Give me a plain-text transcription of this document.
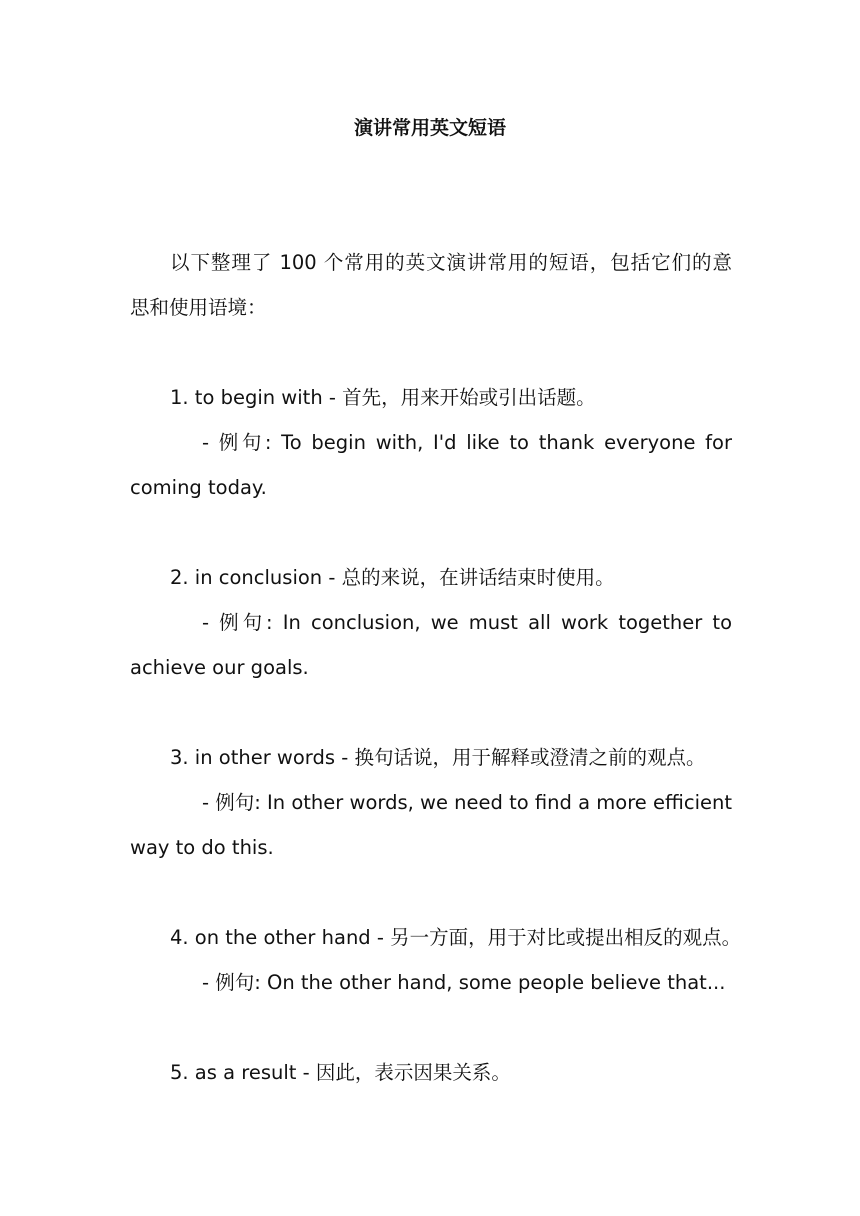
演讲常用英文短语
以下整理了 100 个常用的英文演讲常用的短语，包括它们的意
思和使用语境：
1. to begin with - 首先，用来开始或引出话题。
- 例句: To begin with, I'd like to thank everyone for
coming today.
2. in conclusion - 总的来说，在讲话结束时使用。
- 例句: In conclusion, we must all work together to
achieve our goals.
3. in other words - 换句话说，用于解释或澄清之前的观点。
- 例句: In other words, we need to find a more efficient
way to do this.
4. on the other hand - 另一方面，用于对比或提出相反的观点。
- 例句: On the other hand, some people believe that...
5. as a result - 因此，表示因果关系。
